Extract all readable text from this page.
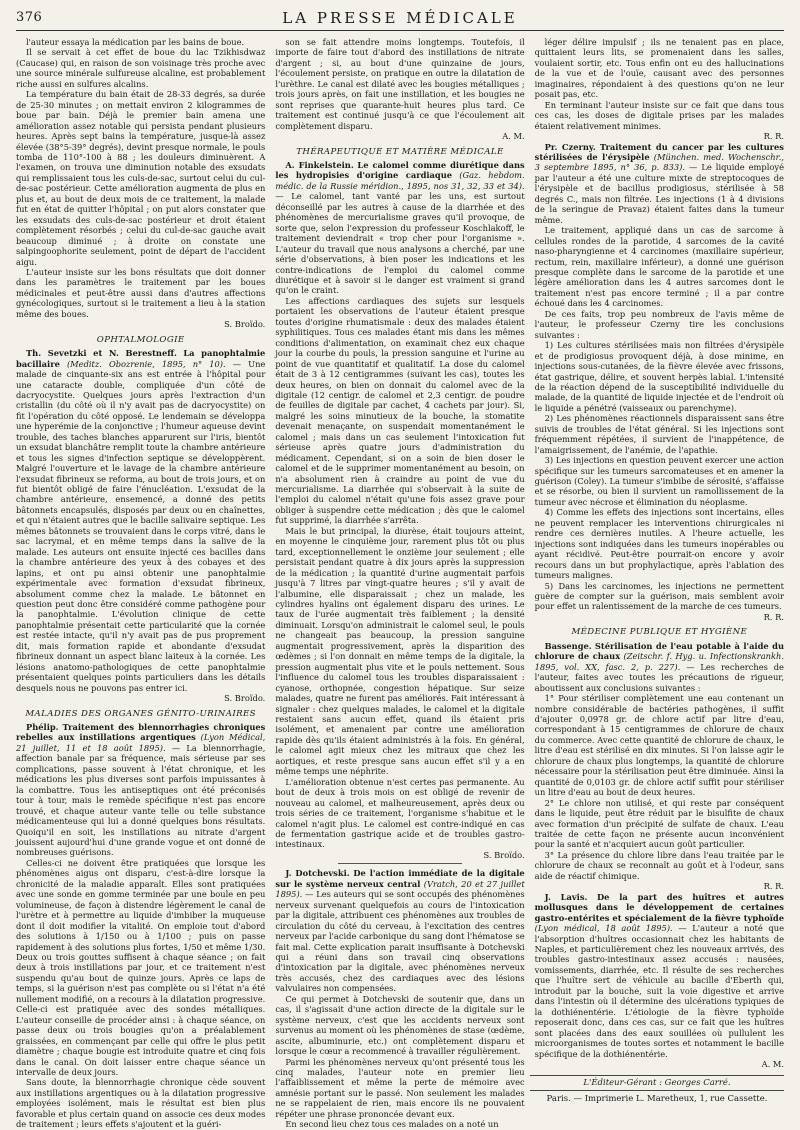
376	LA PRESSE MÉDICALE

l'auteur essaya la médication par les bains de boue.

Il se servait à cet effet de boue du lac Tzikhisdwaz (Caucase) qui, en raison de son voisinage très proche avec une source minérale sulfureuse alcaline, est probablement riche aussi en sulfures alcalins.

La température du bain était de 28-33 degrés, sa durée de 25-30 minutes ; on mettait environ 2 kilogrammes de boue par bain. Déjà le premier bain amena une amélioration assez notable qui persista pendant plusieurs heures. Après sept bains la température, jusque-là assez élevée (38°5-39° degrés), devint presque normale, le pouls tomba de 110°-100 à 88 ; les douleurs diminuèrent. A l'examen, on trouva une diminution notable des exsudats qui remplissaient tous les culs-de-sac, surtout celui du cul-de-sac postérieur. Cette amélioration augmenta de plus en plus et, au bout de deux mois de ce traitement, la malade fut en état de quitter l'hôpital ; on put alors constater que les exsudats des culs-de-sac postérieur et droit étaient complètement résorbés ; celui du cul-de-sac gauche avait beaucoup diminué ; à droite on constate une salpingoophorite seulement, point de départ de l'accident aigu.

L'auteur insiste sur les bons résultats que doit donner dans les paramètres le traitement par les boues médicinales et peut-être aussi dans d'autres affections gynécologiques, surtout si le traitement a lieu à la station même des boues.

S. Broïdo.

OPHTALMOLOGIE

Th. Sevetzki et N. Berestneff. La panophtalmie bacillaire (Meditz. Obozrenie, 1895, n° 10). — Une malade de cinquante-six ans est entrée à l'hôpital pour une cataracte double, compliquée d'un côté de dacryocystite. Quelques jours après l'extraction d'un cristallin (du côté où il n'y avait pas de dacryocystite) on fit l'opération du côté opposé. Le lendemain se développa une hyperémie de la conjonctive ; l'humeur aqueuse devint trouble, des taches blanches apparurent sur l'iris, bientôt un exsudat blanchâtre remplit toute la chambre antérieure et tous les signes d'infection septique se développèrent. Malgré l'ouverture et le lavage de la chambre antérieure l'exsudat fibrineux se reforma, au bout de trois jours, et on fut bientôt obligé de faire l'énucléation. L'exsudat de la chambre antérieure, ensemencé, a donné des petits bâtonnets encapsulés, disposés par deux ou en chaînettes, et qui n'étaient autres que le bacille salivaire septique. Les mêmes bâtonnets se trouvaient dans le corps vitré, dans le sac lacrymal, et en même temps dans la salive de la malade. Les auteurs ont ensuite injecté ces bacilles dans la chambre antérieure des yeux à des cobayes et des lapins, et ont pu ainsi obtenir une panophtalmie expérimentale avec formation d'exsudat fibrineux, absolument comme chez la malade. Le bâtonnet en question peut donc être considéré comme pathogène pour la panophtalmie. L'évolution clinique de cette panophtalmie présentait cette particularité que la cornée est restée intacte, qu'il n'y avait pas de pus proprement dit, mais formation rapide et abondante d'exsudat fibrineux donnant un aspect blanc laiteux à la cornée. Les lésions anatomo-pathologiques de cette panophtalmie présentaient quelques points particuliers dans les détails desquels nous ne pouvons pas entrer ici.

S. Broïdo.

MALADIES DES ORGANES GÉNITO-URINAIRES

Phélip. Traitement des blennorrhagies chroniques rebelles aux instillations argentiques (Lyon Médical, 21 juillet, 11 et 18 août 1895). — La blennorrhagie, affection banale par sa fréquence, mais sérieuse par ses complications, passe souvent à l'état chronique, et les médications les plus diverses sont parfois impuissantes à la combattre. Tous les antiseptiques ont été préconisés tour à tour, mais le remède spécifique n'est pas encore trouvé, et chaque auteur vante telle ou telle substance médicamenteuse qui lui a donné quelques bons résultats. Quoiqu'il en soit, les instillations au nitrate d'argent jouissent aujourd'hui d'une grande vogue et ont donné de nombreuses guérisons.

Celles-ci ne doivent être pratiquées que lorsque les phénomènes aigus ont disparu, c'est-à-dire lorsque la chronicité de la maladie apparaît. Elles sont pratiquées avec une sonde en gomme terminée par une boule en peu volumineuse, de façon à distendre légèrement le canal de l'urètre et à permettre au liquide d'imbiber la muqueuse dont il doit modifier la vitalité. On emploie tout d'abord des solutions à 1/150 ou à 1/100 ; puis on passe rapidement à des solutions plus fortes, 1/50 et même 1/30. Deux ou trois gouttes suffisent à chaque séance ; on fait deux à trois instillations par jour, et ce traitement n'est suspendu qu'au bout de quinze jours. Après ce laps de temps, si la guérison n'est pas complète ou si l'état n'a été nullement modifié, on a recours à la dilatation progressive. Celle-ci est pratiquée avec des sondes métalliques. L'auteur conseille de procéder ainsi : à chaque séance, on passe deux ou trois bougies qu'on a préalablement graissées, en commençant par celle qui offre le plus petit diamètre ; chaque bougie est introduite quatre et cinq fois dans le canal. On doit laisser entre chaque séance un intervalle de deux jours.

Sans doute, la blennorrhagie chronique cède souvent aux instillations argentiques ou à la dilatation progressive employées isolément, mais le résultat est bien plus favorable et plus certain quand on associe ces deux modes de traitement ; leurs effets s'ajoutent et la guéri-

son se fait attendre moins longtemps. Toutefois, il importe de faire tout d'abord des instillations de nitrate d'argent ; si, au bout d'une quinzaine de jours, l'écoulement persiste, on pratique en outre la dilatation de l'urèthre. Le canal est dilaté avec les bougies métalliques ; trois jours après, on fait une instillation, et les bougies ne sont reprises que quarante-huit heures plus tard. Ce traitement est continué jusqu'à ce que l'écoulement ait complètement disparu.

A. M.

THÉRAPEUTIQUE ET MATIÈRE MÉDICALE

A. Finkelstein. Le calomel comme diurétique dans les hydropisies d'origine cardiaque (Gaz. hebdom. médic. de la Russie méridion., 1895, nos 31, 32, 33 et 34). — Le calomel, tant vanté par les uns, est surtout déconseillé par les autres à cause de la diarrhée et des phénomènes de mercurialisme graves qu'il provoque, de sorte que, selon l'expression du professeur Koschlakoff, le traitement deviendrait « trop cher pour l'organisme ». L'auteur du travail que nous analysons a cherché, par une série d'observations, à bien poser les indications et les contre-indications de l'emploi du calomel comme diurétique et à savoir si le danger est vraiment si grand qu'on le craint.

Les affections cardiaques des sujets sur lesquels portaient les observations de l'auteur étaient presque toutes d'origine rhumatismale : deux des malades étaient syphilitiques. Tous ces malades étant mis dans les mêmes conditions d'alimentation, on examinait chez eux chaque jour la courbe du pouls, la pression sanguine et l'urine au point de vue quantitatif et qualitatif. La dose du calomel était de 3 à 12 centigrammes (suivant les cas), toutes les deux heures, on bien on donnait du calomel avec de la digitale (12 centigr. de calomel et 2,3 centigr. de poudre de feuilles de digitale par cachet, 4 cachets par jour). Si, malgré les soins minutieux de la bouche, la stomatite devenait menaçante, on suspendait momentanément le calomel ; mais dans un cas seulement l'intoxication fut sérieuse après quatre jours d'administration du médicament. Cependant, si on a soin de bien doser le calomel et de le supprimer momentanément au besoin, on n'a absolument rien à craindre au point de vue du mercurialisme. La diarrhée qui s'observait à la suite de l'emploi du calomel n'était qu'une fois assez grave pour obliger à suspendre cette médication ; dès que le calomel fut supprimé, la diarrhée s'arrêta.

Mais le but principal, la diurèse, était toujours atteint, en moyenne le cinquième jour, rarement plus tôt ou plus tard, exceptionnellement le onzième jour seulement ; elle persistait pendant quatre à dix jours après la suppression de la médication ; la quantité d'urine augmentait parfois jusqu'à 7 litres par vingt-quatre heures ; s'il y avait de l'albumine, elle disparaissait ; chez un malade, les cylindres hyalins ont également disparu des urines. Le taux de l'urée augmentait très faiblement ; la densité diminuait. Lorsqu'on administrait le calomel seul, le pouls ne changeait pas beaucoup, la pression sanguine augmentait progressivement, après la disparition des œdèmes ; si l'on donnait en même temps de la digitale, la pression augmentait plus vite et le pouls nettement. Sous l'influence du calomel tous les troubles disparaissaient : cyanose, orthopnée, congestion hépatique. Sur seize malades, quatre ne furent pas améliorés. Fait intéressant à signaler : chez quelques malades, le calomel et la digitale restaient sans aucun effet, quand ils étaient pris isolément, et amenaient par contre une amélioration rapide dès qu'ils étaient administrés à la fois. En général, le calomel agit mieux chez les mitraux que chez les aortiques, et reste presque sans aucun effet s'il y a en même temps une néphrite.

L'amélioration obtenue n'est certes pas permanente. Au bout de deux à trois mois on est obligé de revenir de nouveau au calomel, et malheureusement, après deux ou trois séries de ce traitement, l'organisme s'habitue et le calomel n'agit plus. Le calomel est contre-indiqué en cas de fermentation gastrique acide et de troubles gastro-intestinaux.

S. Broïdo.

J. Dotchevski. De l'action immédiate de la digitale sur le système nerveux central (Vratch, 20 et 27 juillet 1895). — Les auteurs qui se sont occupés des phénomènes nerveux survenant quelquefois au cours de l'intoxication par la digitale, attribuent ces phénomènes aux troubles de circulation du côté du cerveau, à l'excitation des centres nerveux par l'acide carbonique du sang dont l'hématose se fait mal. Cette explication parait insuffisante à Dotchevski qui a réuni dans son travail cinq observations d'intoxication par la digitale, avec phénomènes nerveux très accusés, chez des cardiaques avec des lésions valvulaires non compensées.

Ce qui permet à Dotchevski de soutenir que, dans un cas, il s'agissait d'une action directe de la digitale sur le système nerveux, c'est que les accidents nerveux sont survenus au moment où les phénomènes de stase (œdème, ascite, albuminurie, etc.) ont complètement disparu et lorsque le cœur a recommencé à travailler régulièrement.

Parmi les phénomènes nerveux qu'ont présenté tous les cinq malades, l'auteur note en premier lieu l'affaiblissement et même la perte de mémoire avec amnésie portant sur le passé. Non seulement les malades ne se rappelaient de rien, mais encore ils ne pouvaient répéter une phrase prononcée devant eux.

En second lieu chez tous ces malades on a noté un

léger délire impulsif ; ils ne tenaient pas en place, quittaient leurs lits, se promenaient dans les salles, voulaient sortir, etc. Tous enfin ont eu des hallucinations de la vue et de l'ouïe, causant avec des personnes imaginaires, répondaient à des questions qu'on ne leur posait pas, etc.

En terminant l'auteur insiste sur ce fait que dans tous ces cas, les doses de digitale prises par les malades étaient relativement minimes.

R. R.

Pr. Czerny. Traitement du cancer par les cultures stérilisées de l'érysipèle (München. med. Wochenschr., 3 septembre 1895, n° 36, p. 833). — Le liquide employé par l'auteur a été une culture mixte de streptocoques de l'érysipèle et de bacillus prodigiosus, stérilisée à 58 degrés C., mais non filtrée. Les injections (1 à 4 divisions de la seringue de Pravaz) étaient faites dans la tumeur même.

Le traitement, appliqué dans un cas de sarcome à cellules rondes de la parotide, 4 sarcomes de la cavité naso-pharyngienne et 4 carcinomes (maxillaire supérieur, rectum, rein, maxillaire inférieur), a donné une guérison presque complète dans le sarcome de la parotide et une légère amélioration dans les 4 autres sarcomes dont le traitement n'est pas encore terminé ; il a par contre échoué dans les 4 carcinomes.

De ces faits, trop peu nombreux de l'avis même de l'auteur, le professeur Czerny tire les conclusions suivantes :

1) Les cultures stérilisées mais non filtrées d'érysipèle et de prodigiosus provoquent déjà, à dose minime, en injections sous-cutanées, de la fièvre élevée avec frissons, état gastrique, délire, et souvent herpès labial. L'intensité de la réaction dépend de la susceptibilité individuelle du malade, de la quantité de liquide injectée et de l'endroit où le liquide a pénétré (vaisseaux ou parenchyme).

2) Les phénomènes réactionnels disparaissent sans être suivis de troubles de l'état général. Si les injections sont fréquemment répétées, il survient de l'inappétence, de l'amaigrissement, de l'anémie, de l'apathie.

3) Les injections en question peuvent exercer une action spécifique sur les tumeurs sarcomateuses et en amener la guérison (Coley). La tumeur s'imbibe de sérosité, s'affaisse et se résorbe, ou bien il survient un ramollissement de la tumeur avec nécrose et élimination du néoplasme.

4) Comme les effets des injections sont incertains, elles ne peuvent remplacer les interventions chirurgicales ni rendre ces dernières inutiles. A l'heure actuelle, les injections sont indiquées dans les tumeurs inopérables ou ayant récidivé. Peut-être pourrait-on encore y avoir recours dans un but prophylactique, après l'ablation des tumeurs malignes.

5) Dans les carcinomes, les injections ne permettent guère de compter sur la guérison, mais semblent avoir pour effet un ralentissement de la marche de ces tumeurs.

R. R.

MÉDECINE PUBLIQUE ET HYGIÈNE

Bassenge. Stérilisation de l'eau potable à l'aide du chlorure de chaux (Zeitschr. f. Hyg. u. Infectionskrankh. 1895, vol. XX, fasc. 2, p. 227). — Les recherches de l'auteur, faites avec toutes les précautions de rigueur, aboutissent aux conclusions suivantes :

1° Pour stériliser complètement une eau contenant un nombre considérable de bactéries pathogènes, il suffit d'ajouter 0,0978 gr. de chlore actif par litre d'eau, correspondant à 15 centigrammes de chlorure de chaux du commerce. Avec cette quantité de chlorure de chaux, le litre d'eau est stérilisé en dix minutes. Si l'on laisse agir le chlorure de chaux plus longtemps, la quantité de chlorure nécessaire pour la stérilisation peut être diminuée. Ainsi la quantité de 0,0103 gr. de chlore actif suffit pour stériliser un litre d'eau au bout de deux heures.

2° Le chlore non utilisé, et qui reste par conséquent dans le liquide, peut être réduit par le bisulfite de chaux avec formation d'un précipité de sulfate de chaux. L'eau traitée de cette façon ne présente aucun inconvénient pour la santé et n'acquiert aucun goût particulier.

3° La présence du chlore libre dans l'eau traitée par le chlorure de chaux se reconnaît au goût et à l'odeur, sans aide de réactif chimique.

R. R.

J. Lavis. De la part des huîtres et autres mollusques dans le développement de certaines gastro-entérites et spécialement de la fièvre typhoïde (Lyon médical, 18 août 1895). — L'auteur a noté que l'absorption d'huîtres occasionnait chez les habitants de Naples, et particulièrement chez les nouveaux arrivés, des troubles gastro-intestinaux assez accusés : nausées, vomissements, diarrhée, etc. Il résulte de ses recherches que l'huître sert de véhicule au bacille d'Eberth qui, introduit par la bouche, suit la voie digestive et arrive dans l'intestin où il détermine des ulcérations typiques de la dothiénentérie. L'étiologie de la fièvre typhoïde reposerait donc, dans ces cas, sur ce fait que les huîtres sont placées dans des eaux souillées où pullulent les microorganismes de toutes sortes et notamment le bacille spécifique de la dothiénentérie.

A. M.

L'Éditeur-Gérant : Georges Carré.
Paris. — Imprimerie L. Maretheux, 1, rue Cassette.
